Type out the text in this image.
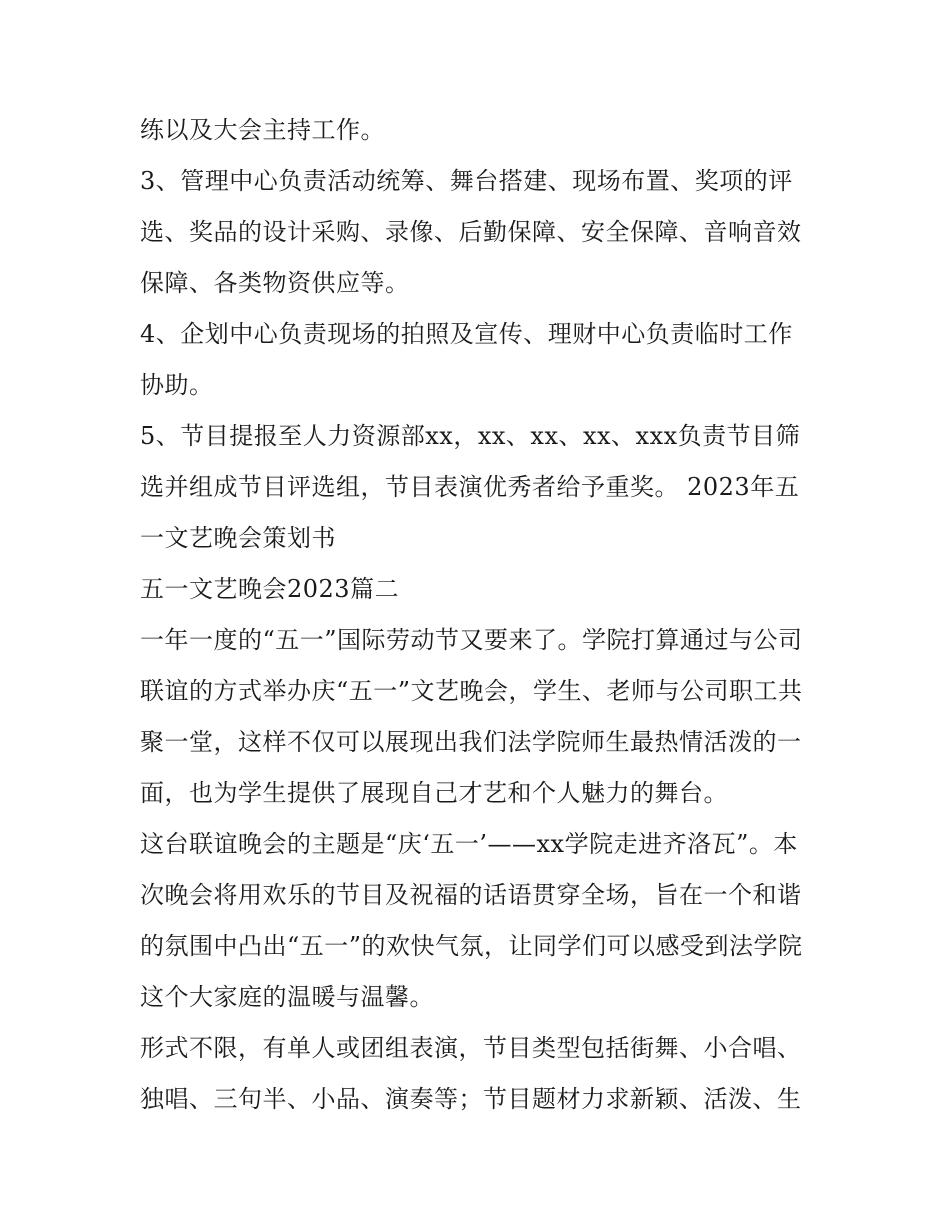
练以及大会主持工作。
3、管理中心负责活动统筹、舞台搭建、现场布置、奖项的评
选、奖品的设计采购、录像、后勤保障、安全保障、音响音效
保障、各类物资供应等。
4、企划中心负责现场的拍照及宣传、理财中心负责临时工作
协助。
5、节目提报至人力资源部xx，xx、xx、xx、xxx负责节目筛
选并组成节目评选组，节目表演优秀者给予重奖。 2023年五
一文艺晚会策划书
五一文艺晚会2023篇二
一年一度的“五一”国际劳动节又要来了。学院打算通过与公司
联谊的方式举办庆“五一”文艺晚会，学生、老师与公司职工共
聚一堂，这样不仅可以展现出我们法学院师生最热情活泼的一
面，也为学生提供了展现自己才艺和个人魅力的舞台。
这台联谊晚会的主题是“庆‘五一’——xx学院走进齐洛瓦”。本
次晚会将用欢乐的节目及祝福的话语贯穿全场，旨在一个和谐
的氛围中凸出“五一”的欢快气氛，让同学们可以感受到法学院
这个大家庭的温暖与温馨。
形式不限，有单人或团组表演，节目类型包括街舞、小合唱、
独唱、三句半、小品、演奏等；节目题材力求新颖、活泼、生
